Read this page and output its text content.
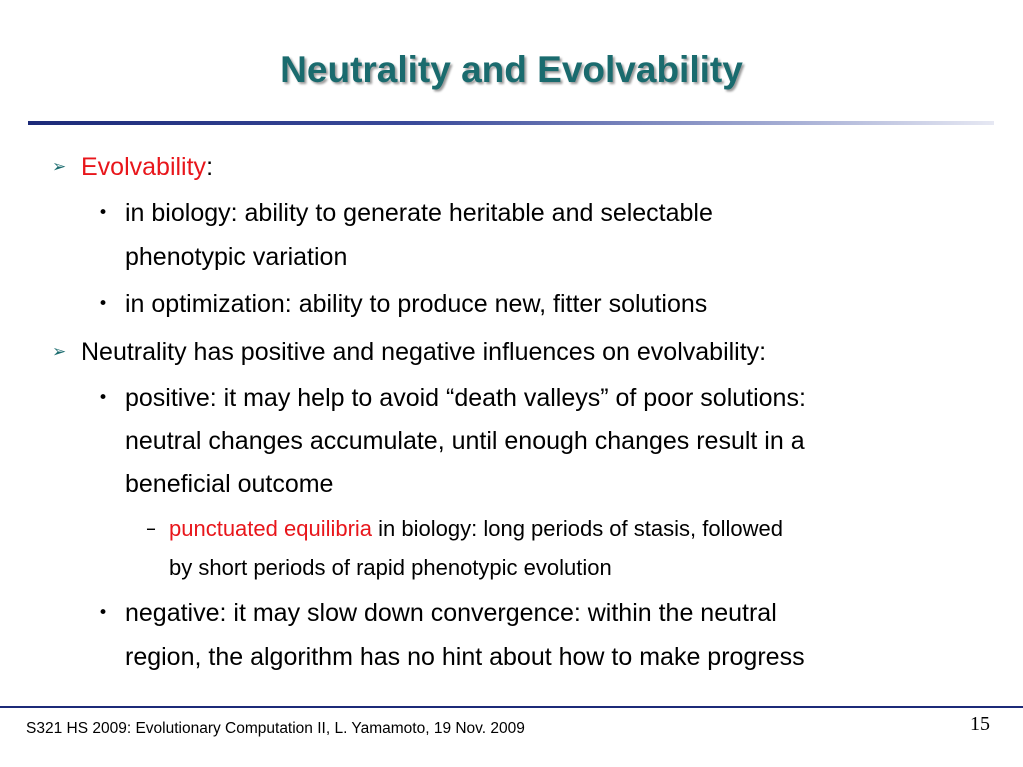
Neutrality and Evolvability
➢ Evolvability:
• in biology: ability to generate heritable and selectable
phenotypic variation
• in optimization: ability to produce new, fitter solutions
➢ Neutrality has positive and negative influences on evolvability:
• positive: it may help to avoid “death valleys” of poor solutions:
neutral changes accumulate, until enough changes result in a
beneficial outcome
– punctuated equilibria in biology: long periods of stasis, followed
by short periods of rapid phenotypic evolution
• negative: it may slow down convergence: within the neutral
region, the algorithm has no hint about how to make progress
S321 HS 2009: Evolutionary Computation II, L. Yamamoto, 19 Nov. 2009	15
